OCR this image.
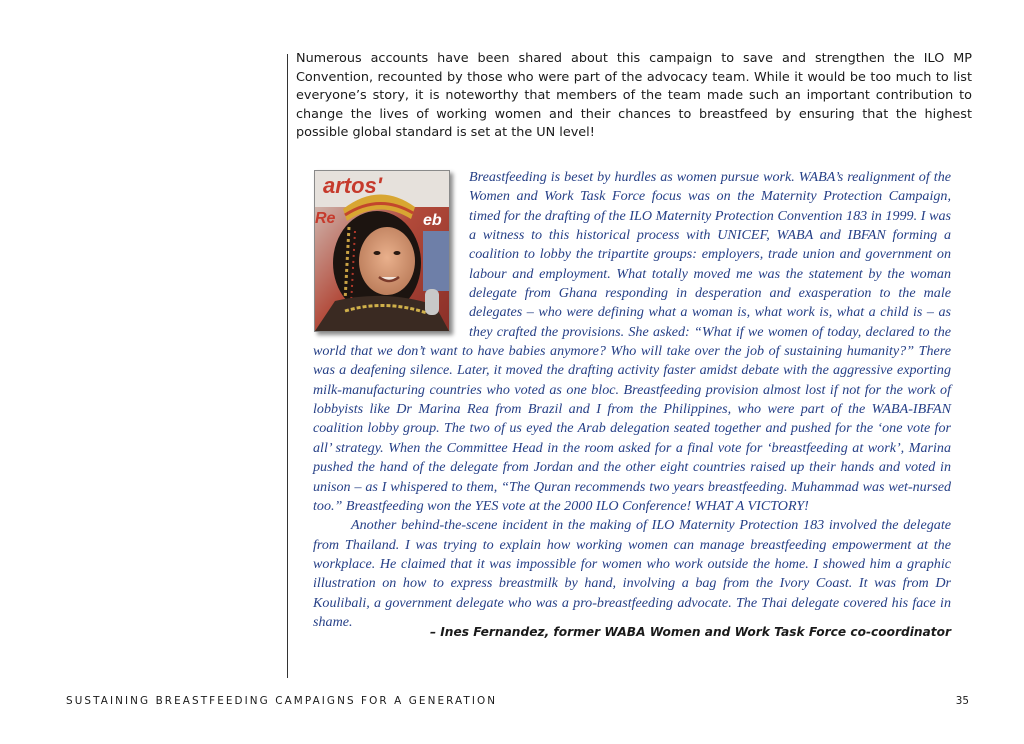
Numerous accounts have been shared about this campaign to save and strengthen the ILO MP Convention, recounted by those who were part of the advocacy team. While it would be too much to list everyone’s story, it is noteworthy that members of the team made such an important contribution to change the lives of working women and their chances to breastfeed by ensuring that the highest possible global standard is set at the UN level!

artos'
Re	eb

Breastfeeding is beset by hurdles as women pursue work. WABA’s realignment of the Women and Work Task Force focus was on the Maternity Protection Campaign, timed for the drafting of the ILO Maternity Protection Convention 183 in 1999. I was a witness to this historical process with UNICEF, WABA and IBFAN forming a coalition to lobby the tripartite groups: employers, trade union and government on labour and employment. What totally moved me was the statement by the woman delegate from Ghana responding in desperation and exasperation to the male delegates – who were defining what a woman is, what work is, what a child is – as they crafted the provisions. She asked: “What if we women of today, declared to the world that we don’t want to have babies anymore? Who will take over the job of sustaining humanity?” There was a deafening silence. Later, it moved the drafting activity faster amidst debate with the aggressive exporting milk-manufacturing countries who voted as one bloc. Breastfeeding provision almost lost if not for the work of lobbyists like Dr Marina Rea from Brazil and I from the Philippines, who were part of the WABA-IBFAN coalition lobby group. The two of us eyed the Arab delegation seated together and pushed for the ‘one vote for all’ strategy. When the Committee Head in the room asked for a final vote for ‘breastfeeding at work’, Marina pushed the hand of the delegate from Jordan and the other eight countries raised up their hands and voted in unison – as I whispered to them, “The Quran recommends two years breastfeeding. Muhammad was wet-nursed too.” Breastfeeding won the YES vote at the 2000 ILO Conference! WHAT A VICTORY!

Another behind-the-scene incident in the making of ILO Maternity Protection 183 involved the delegate from Thailand. I was trying to explain how working women can manage breastfeeding empowerment at the workplace. He claimed that it was impossible for women who work outside the home. I showed him a graphic illustration on how to express breastmilk by hand, involving a bag from the Ivory Coast. It was from Dr Koulibali, a government delegate who was a pro-breastfeeding advocate. The Thai delegate covered his face in shame.

– Ines Fernandez, former WABA Women and Work Task Force co-coordinator

SUSTAINING BREASTFEEDING CAMPAIGNS FOR A GENERATION	35
